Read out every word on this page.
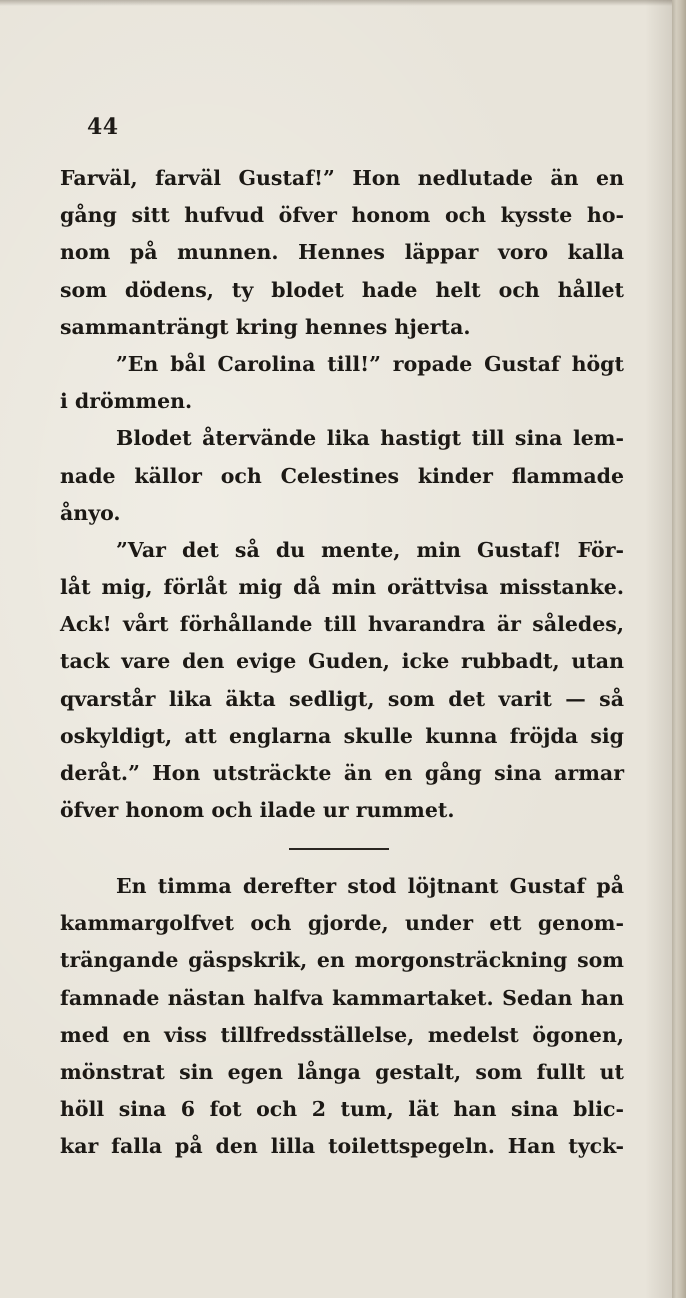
44
Farväl, farväl Gustaf!” Hon nedlutade än en
gång sitt hufvud öfver honom och kysste ho-
nom på munnen. Hennes läppar voro kalla
som dödens, ty blodet hade helt och hållet
sammanträngt kring hennes hjerta.
”En bål Carolina till!” ropade Gustaf högt
i drömmen.
Blodet återvände lika hastigt till sina lem-
nade källor och Celestines kinder flammade
ånyo.
”Var det så du mente, min Gustaf! För-
låt mig, förlåt mig då min orättvisa misstanke.
Ack! vårt förhållande till hvarandra är således,
tack vare den evige Guden, icke rubbadt, utan
qvarstår lika äkta sedligt, som det varit — så
oskyldigt, att englarna skulle kunna fröjda sig
deråt.” Hon utsträckte än en gång sina armar
öfver honom och ilade ur rummet.
En timma derefter stod löjtnant Gustaf på
kammargolfvet och gjorde, under ett genom-
trängande gäspskrik, en morgonsträckning som
famnade nästan halfva kammartaket. Sedan han
med en viss tillfredsställelse, medelst ögonen,
mönstrat sin egen långa gestalt, som fullt ut
höll sina 6 fot och 2 tum, lät han sina blic-
kar falla på den lilla toilettspegeln. Han tyck-
